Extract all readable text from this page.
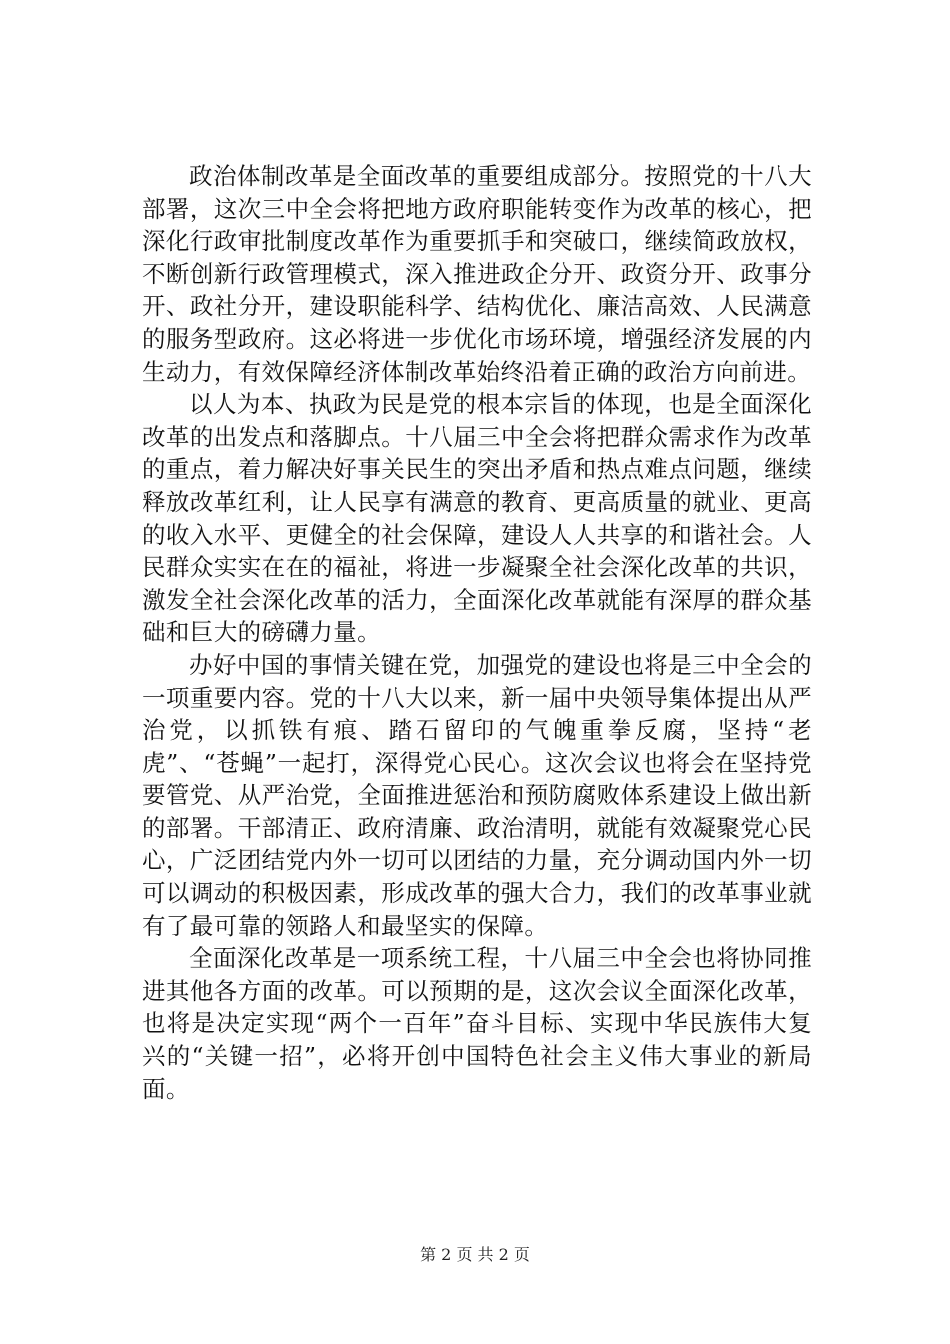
政治体制改革是全面改革的重要组成部分。按照党的十八大部署，这次三中全会将把地方政府职能转变作为改革的核心，把深化行政审批制度改革作为重要抓手和突破口，继续简政放权，不断创新行政管理模式，深入推进政企分开、政资分开、政事分开、政社分开，建设职能科学、结构优化、廉洁高效、人民满意的服务型政府。这必将进一步优化市场环境，增强经济发展的内生动力，有效保障经济体制改革始终沿着正确的政治方向前进。

以人为本、执政为民是党的根本宗旨的体现，也是全面深化改革的出发点和落脚点。十八届三中全会将把群众需求作为改革的重点，着力解决好事关民生的突出矛盾和热点难点问题，继续释放改革红利，让人民享有满意的教育、更高质量的就业、更高的收入水平、更健全的社会保障，建设人人共享的和谐社会。人民群众实实在在的福祉，将进一步凝聚全社会深化改革的共识，激发全社会深化改革的活力，全面深化改革就能有深厚的群众基础和巨大的磅礴力量。

办好中国的事情关键在党，加强党的建设也将是三中全会的一项重要内容。党的十八大以来，新一届中央领导集体提出从严治党，以抓铁有痕、踏石留印的气魄重拳反腐，坚持“老虎”、“苍蝇”一起打，深得党心民心。这次会议也将会在坚持党要管党、从严治党，全面推进惩治和预防腐败体系建设上做出新的部署。干部清正、政府清廉、政治清明，就能有效凝聚党心民心，广泛团结党内外一切可以团结的力量，充分调动国内外一切可以调动的积极因素，形成改革的强大合力，我们的改革事业就有了最可靠的领路人和最坚实的保障。

全面深化改革是一项系统工程，十八届三中全会也将协同推进其他各方面的改革。可以预期的是，这次会议全面深化改革，也将是决定实现“两个一百年”奋斗目标、实现中华民族伟大复兴的“关键一招”，必将开创中国特色社会主义伟大事业的新局面。

第 2 页 共 2 页
